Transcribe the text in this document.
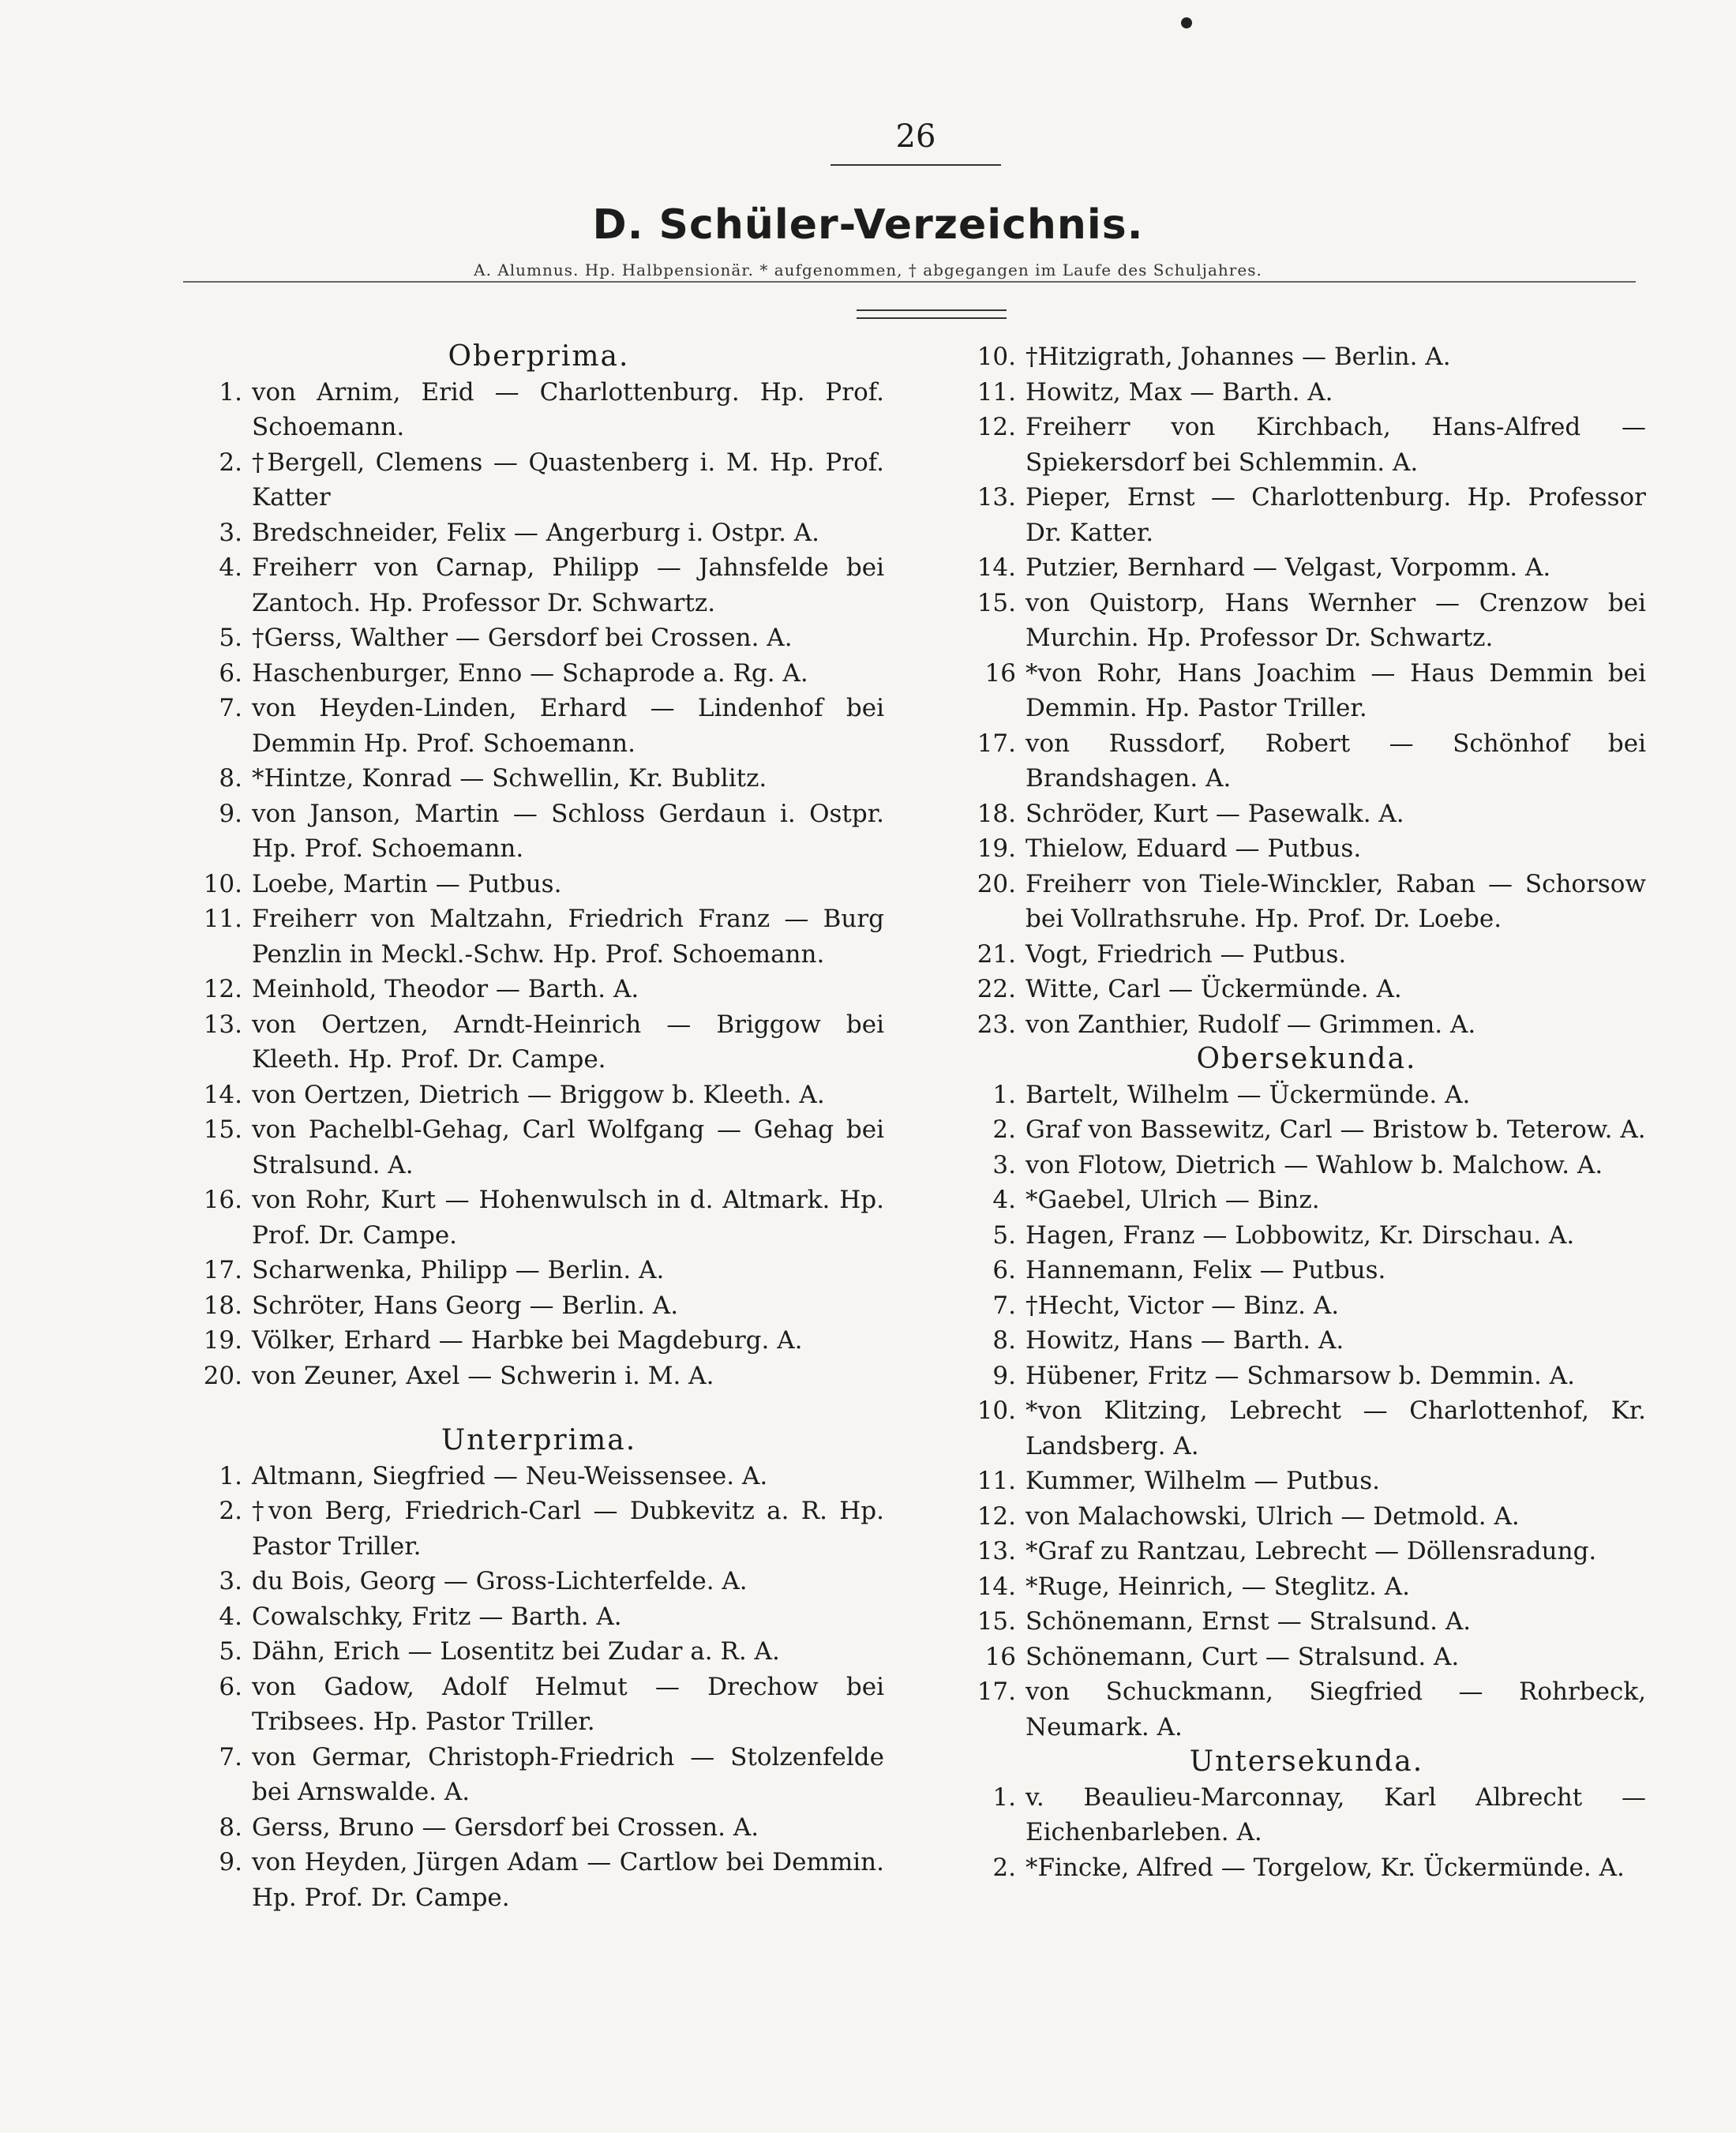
26
D. Schüler-Verzeichnis.
A. Alumnus. Hp. Halbpensionär. * aufgenommen, † abgegangen im Laufe des Schuljahres.
Oberprima.
1. von Arnim, Erid — Charlottenburg. Hp. Prof. Schoemann.
2. †Bergell, Clemens — Quastenberg i. M. Hp. Prof. Katter
3. Bredschneider, Felix — Angerburg i. Ostpr. A.
4. Freiherr von Carnap, Philipp — Jahnsfelde bei Zantoch. Hp. Professor Dr. Schwartz.
5. †Gerss, Walther — Gersdorf bei Crossen. A.
6. Haschenburger, Enno — Schaprode a. Rg. A.
7. von Heyden-Linden, Erhard — Lindenhof bei Demmin Hp. Prof. Schoemann.
8. *Hintze, Konrad — Schwellin, Kr. Bublitz.
9. von Janson, Martin — Schloss Gerdaun i. Ostpr. Hp. Prof. Schoemann.
10. Loebe, Martin — Putbus.
11. Freiherr von Maltzahn, Friedrich Franz — Burg Penzlin in Meckl.-Schw. Hp. Prof. Schoemann.
12. Meinhold, Theodor — Barth. A.
13. von Oertzen, Arndt-Heinrich — Briggow bei Kleeth. Hp. Prof. Dr. Campe.
14. von Oertzen, Dietrich — Briggow b. Kleeth. A.
15. von Pachelbl-Gehag, Carl Wolfgang — Gehag bei Stralsund. A.
16. von Rohr, Kurt — Hohenwulsch in d. Altmark. Hp. Prof. Dr. Campe.
17. Scharwenka, Philipp — Berlin. A.
18. Schröter, Hans Georg — Berlin. A.
19. Völker, Erhard — Harbke bei Magdeburg. A.
20. von Zeuner, Axel — Schwerin i. M. A.
Unterprima.
1. Altmann, Siegfried — Neu-Weissensee. A.
2. †von Berg, Friedrich-Carl — Dubkevitz a. R. Hp. Pastor Triller.
3. du Bois, Georg — Gross-Lichterfelde. A.
4. Cowalschky, Fritz — Barth. A.
5. Dähn, Erich — Losentitz bei Zudar a. R. A.
6. von Gadow, Adolf Helmut — Drechow bei Tribsees. Hp. Pastor Triller.
7. von Germar, Christoph-Friedrich — Stolzenfelde bei Arnswalde. A.
8. Gerss, Bruno — Gersdorf bei Crossen. A.
9. von Heyden, Jürgen Adam — Cartlow bei Demmin. Hp. Prof. Dr. Campe.
10. †Hitzigrath, Johannes — Berlin. A.
11. Howitz, Max — Barth. A.
12. Freiherr von Kirchbach, Hans-Alfred — Spiekersdorf bei Schlemmin. A.
13. Pieper, Ernst — Charlottenburg. Hp. Professor Dr. Katter.
14. Putzier, Bernhard — Velgast, Vorpomm. A.
15. von Quistorp, Hans Wernher — Crenzow bei Murchin. Hp. Professor Dr. Schwartz.
16 *von Rohr, Hans Joachim — Haus Demmin bei Demmin. Hp. Pastor Triller.
17. von Russdorf, Robert — Schönhof bei Brandshagen. A.
18. Schröder, Kurt — Pasewalk. A.
19. Thielow, Eduard — Putbus.
20. Freiherr von Tiele-Winckler, Raban — Schorsow bei Vollrathsruhe. Hp. Prof. Dr. Loebe.
21. Vogt, Friedrich — Putbus.
22. Witte, Carl — Ückermünde. A.
23. von Zanthier, Rudolf — Grimmen. A.
Obersekunda.
1. Bartelt, Wilhelm — Ückermünde. A.
2. Graf von Bassewitz, Carl — Bristow b. Teterow. A.
3. von Flotow, Dietrich — Wahlow b. Malchow. A.
4. *Gaebel, Ulrich — Binz.
5. Hagen, Franz — Lobbowitz, Kr. Dirschau. A.
6. Hannemann, Felix — Putbus.
7. †Hecht, Victor — Binz. A.
8. Howitz, Hans — Barth. A.
9. Hübener, Fritz — Schmarsow b. Demmin. A.
10. *von Klitzing, Lebrecht — Charlottenhof, Kr. Landsberg. A.
11. Kummer, Wilhelm — Putbus.
12. von Malachowski, Ulrich — Detmold. A.
13. *Graf zu Rantzau, Lebrecht — Döllensradung.
14. *Ruge, Heinrich, — Steglitz. A.
15. Schönemann, Ernst — Stralsund. A.
16 Schönemann, Curt — Stralsund. A.
17. von Schuckmann, Siegfried — Rohrbeck, Neumark. A.
Untersekunda.
1. v. Beaulieu-Marconnay, Karl Albrecht — Eichenbarleben. A.
2. *Fincke, Alfred — Torgelow, Kr. Ückermünde. A.
